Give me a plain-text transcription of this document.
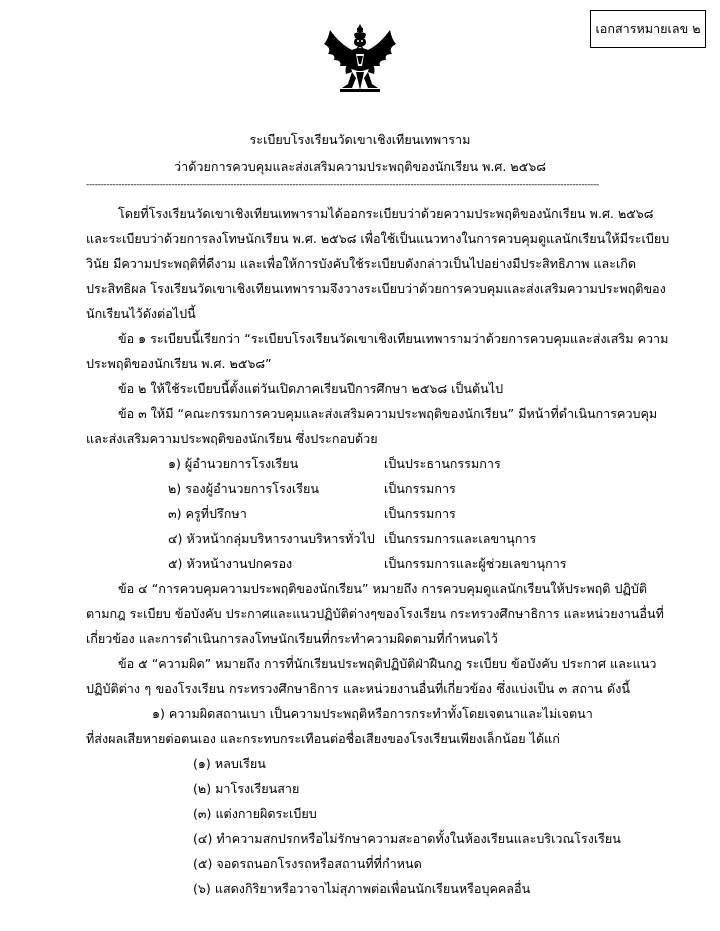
เอกสารหมายเลข ๒
ระเบียบโรงเรียนวัดเขาเชิงเทียนเทพาราม
ว่าด้วยการควบคุมและส่งเสริมความประพฤติของนักเรียน พ.ศ. ๒๕๖๘
------------------------------------------------------------------------------------------------------------------------------------------------------------------------------
โดยที่โรงเรียนวัดเขาเชิงเทียนเทพารามได้ออกระเบียบว่าด้วยความประพฤติของนักเรียน พ.ศ. ๒๕๖๘
และระเบียบว่าด้วยการลงโทษนักเรียน พ.ศ. ๒๕๖๘ เพื่อใช้เป็นแนวทางในการควบคุมดูแลนักเรียนให้มีระเบียบ
วินัย มีความประพฤติที่ดีงาม และเพื่อให้การบังคับใช้ระเบียบดังกล่าวเป็นไปอย่างมีประสิทธิภาพ และเกิด
ประสิทธิผล โรงเรียนวัดเขาเชิงเทียนเทพารามจึงวางระเบียบว่าด้วยการควบคุมและส่งเสริมความประพฤติของ
นักเรียนไว้ดังต่อไปนี้
ข้อ ๑ ระเบียบนี้เรียกว่า “ระเบียบโรงเรียนวัดเขาเชิงเทียนเทพารามว่าด้วยการควบคุมและส่งเสริม ความ
ประพฤติของนักเรียน พ.ศ. ๒๕๖๘”
ข้อ ๒ ให้ใช้ระเบียบนี้ตั้งแต่วันเปิดภาคเรียนปีการศึกษา ๒๕๖๘ เป็นต้นไป
ข้อ ๓ ให้มี “คณะกรรมการควบคุมและส่งเสริมความประพฤติของนักเรียน” มีหน้าที่ดำเนินการควบคุม
และส่งเสริมความประพฤติของนักเรียน ซึ่งประกอบด้วย
๑) ผู้อำนวยการโรงเรียน	เป็นประธานกรรมการ
๒) รองผู้อำนวยการโรงเรียน	เป็นกรรมการ
๓) ครูที่ปรึกษา	เป็นกรรมการ
๔) หัวหน้ากลุ่มบริหารงานบริหารทั่วไป เป็นกรรมการและเลขานุการ
๕) หัวหน้างานปกครอง	เป็นกรรมการและผู้ช่วยเลขานุการ
ข้อ ๔ “การควบคุมความประพฤติของนักเรียน” หมายถึง การควบคุมดูแลนักเรียนให้ประพฤติ ปฏิบัติ
ตามกฎ ระเบียบ ข้อบังคับ ประกาศและแนวปฏิบัติต่างๆของโรงเรียน กระทรวงศึกษาธิการ และหน่วยงานอื่นที่
เกี่ยวข้อง และการดำเนินการลงโทษนักเรียนที่กระทำความผิดตามที่กำหนดไว้
ข้อ ๕ “ความผิด” หมายถึง การที่นักเรียนประพฤติปฏิบัติฝ่าฝืนกฎ ระเบียบ ข้อบังคับ ประกาศ และแนว
ปฏิบัติต่าง ๆ ของโรงเรียน กระทรวงศึกษาธิการ และหน่วยงานอื่นที่เกี่ยวข้อง ซึ่งแบ่งเป็น ๓ สถาน ดังนี้
๑) ความผิดสถานเบา เป็นความประพฤติหรือการกระทำทั้งโดยเจตนาและไม่เจตนา
ที่ส่งผลเสียหายต่อตนเอง และกระทบกระเทือนต่อชื่อเสียงของโรงเรียนเพียงเล็กน้อย ได้แก่
(๑) หลบเรียน
(๒) มาโรงเรียนสาย
(๓) แต่งกายผิดระเบียบ
(๔) ทำความสกปรกหรือไม่รักษาความสะอาดทั้งในห้องเรียนและบริเวณโรงเรียน
(๕) จอดรถนอกโรงรถหรือสถานที่ที่กำหนด
(๖) แสดงกิริยาหรือวาจาไม่สุภาพต่อเพื่อนนักเรียนหรือบุคคลอื่น
